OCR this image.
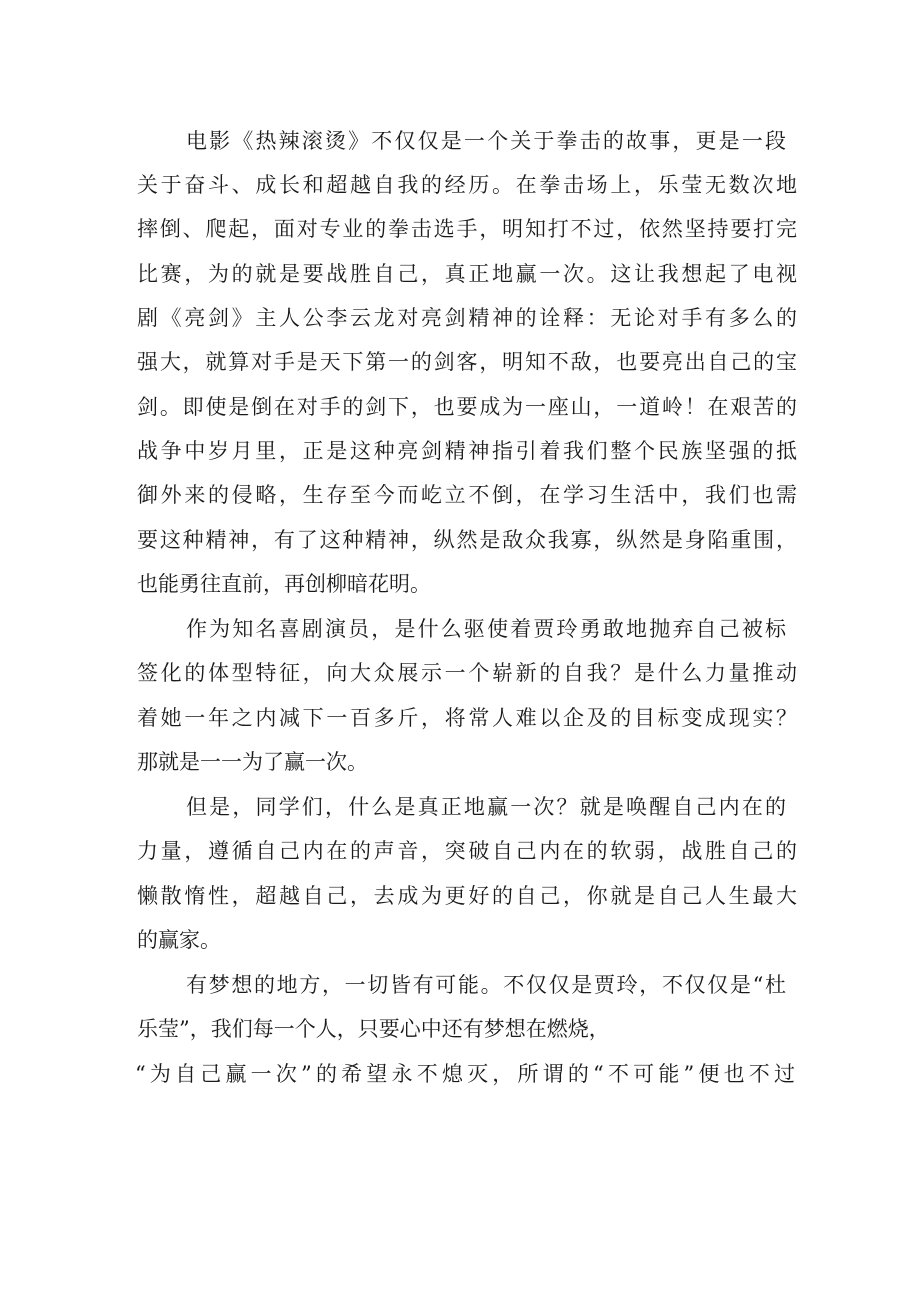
电影《热辣滚烫》不仅仅是一个关于拳击的故事，更是一段
关于奋斗、成长和超越自我的经历。在拳击场上，乐莹无数次地
摔倒、爬起，面对专业的拳击选手，明知打不过，依然坚持要打完
比赛，为的就是要战胜自己，真正地赢一次。这让我想起了电视
剧《亮剑》主人公李云龙对亮剑精神的诠释：无论对手有多么的
强大，就算对手是天下第一的剑客，明知不敌，也要亮出自己的宝
剑。即使是倒在对手的剑下，也要成为一座山，一道岭！在艰苦的
战争中岁月里，正是这种亮剑精神指引着我们整个民族坚强的抵
御外来的侵略，生存至今而屹立不倒，在学习生活中，我们也需
要这种精神，有了这种精神，纵然是敌众我寡，纵然是身陷重围，
也能勇往直前，再创柳暗花明。
作为知名喜剧演员，是什么驱使着贾玲勇敢地抛弃自己被标
签化的体型特征，向大众展示一个崭新的自我？是什么力量推动
着她一年之内减下一百多斤，将常人难以企及的目标变成现实？
那就是一一为了赢一次。
但是，同学们，什么是真正地赢一次？就是唤醒自己内在的
力量，遵循自己内在的声音，突破自己内在的软弱，战胜自己的
懒散惰性，超越自己，去成为更好的自己，你就是自己人生最大
的赢家。
有梦想的地方，一切皆有可能。不仅仅是贾玲，不仅仅是“杜
乐莹”，我们每一个人，只要心中还有梦想在燃烧，
“为自己赢一次”的希望永不熄灭，所谓的“不可能”便也不过
